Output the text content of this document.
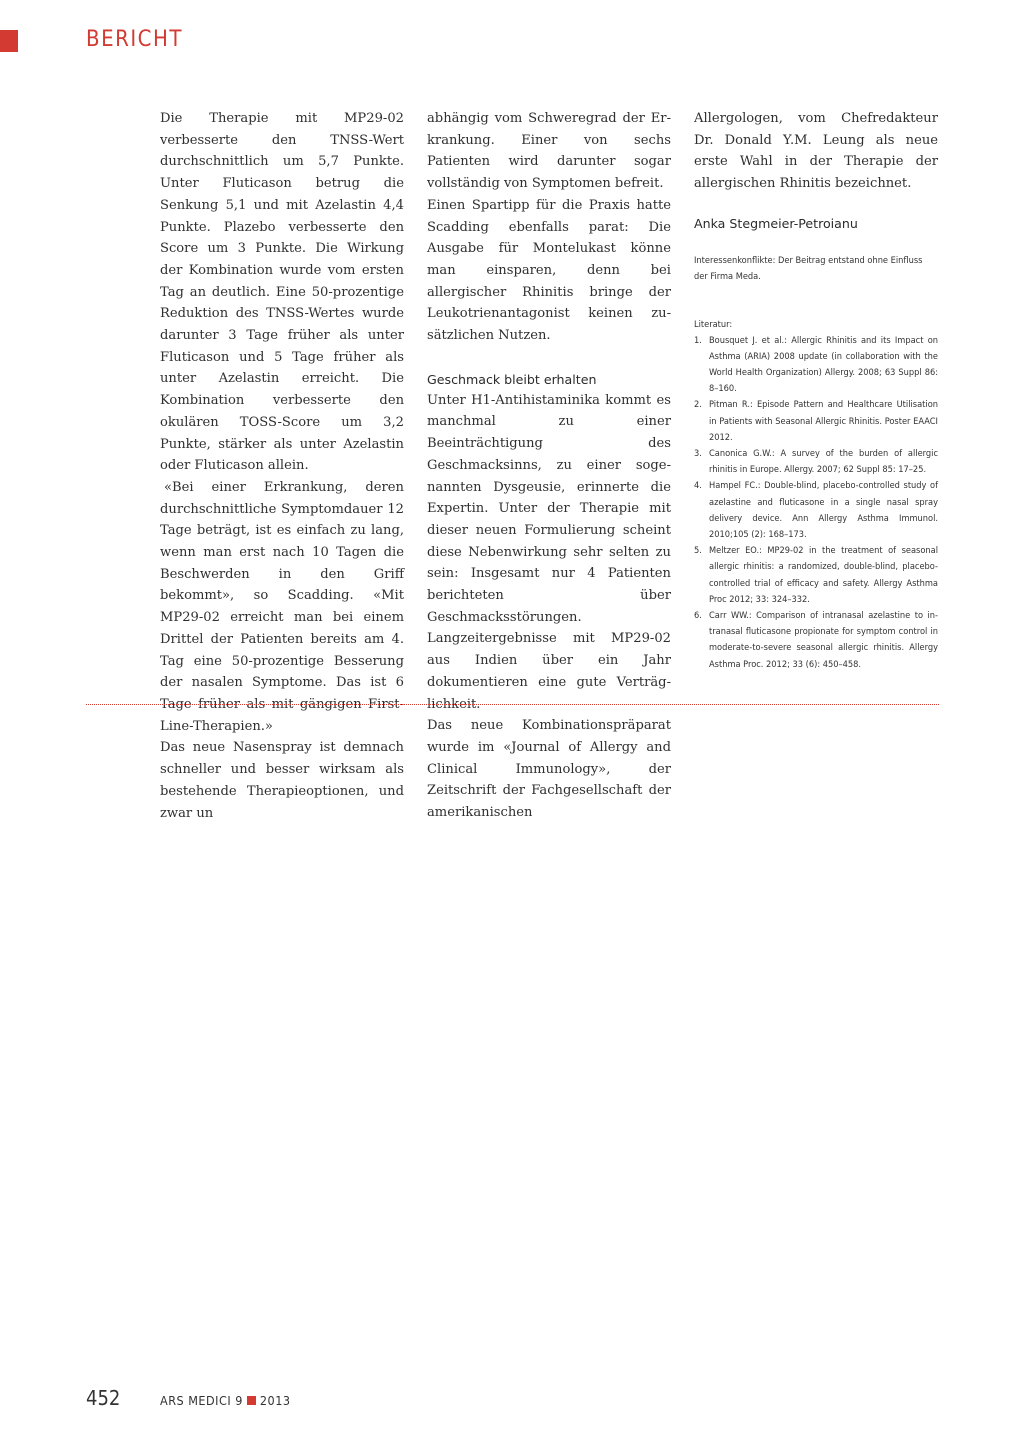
BERICHT

Die Therapie mit MP29-02 verbesserte den TNSS-Wert durchschnittlich um 5,7 Punkte. Unter Fluticason betrug die Senkung 5,1 und mit Azelastin 4,4 Punkte. Plazebo verbesserte den Score um 3 Punkte. Die Wirkung der Kombination wurde vom ersten Tag an deutlich. Eine 50-prozentige Reduktion des TNSS-Wertes wurde darunter 3 Tage früher als unter Fluticason und 5 Tage früher als unter Azelastin erreicht. Die Kombination verbesserte den okulären TOSS-Score um 3,2 Punkte, stärker als unter Azelastin oder Fluticason allein.

«Bei einer Erkrankung, deren durchschnittliche Symptomdauer 12 Tage beträgt, ist es einfach zu lang, wenn man erst nach 10 Tagen die Beschwerden in den Griff bekommt», so Scadding. «Mit MP29-02 erreicht man bei einem Drittel der Patienten bereits am 4. Tag eine 50-prozentige Besserung der nasalen Symptome. Das ist 6 Tage früher als mit gängigen First-Line-Therapien.»

Das neue Nasenspray ist demnach schneller und besser wirksam als bestehende Therapieoptionen, und zwar un

abhängig vom Schweregrad der Erkrankung. Einer von sechs Patienten wird darunter sogar vollständig von Symptomen befreit.

Einen Spartipp für die Praxis hatte Scadding ebenfalls parat: Die Ausgabe für Montelukast könne man einsparen, denn bei allergischer Rhinitis bringe der Leukotrienantagonist keinen zusätzlichen Nutzen.

Geschmack bleibt erhalten

Unter H1-Antihistaminika kommt es manchmal zu einer Beeinträchtigung des Geschmacksinns, zu einer sogenannten Dysgeusie, erinnerte die Expertin. Unter der Therapie mit dieser neuen Formulierung scheint diese Nebenwirkung sehr selten zu sein: Insgesamt nur 4 Patienten berichteten über Geschmacksstörungen. Langzeitergebnisse mit MP29-02 aus Indien über ein Jahr dokumentieren eine gute Verträglichkeit.

Das neue Kombinationspräparat wurde im «Journal of Allergy and Clinical Immunology», der Zeitschrift der Fachgesellschaft der amerikanischen

Allergologen, vom Chefredakteur Dr. Donald Y.M. Leung als neue erste Wahl in der Therapie der allergischen Rhinitis bezeichnet.

Anka Stegmeier-Petroianu

Interessenkonflikte: Der Beitrag entstand ohne Einfluss der Firma Meda.

Literatur:

1. Bousquet J. et al.: Allergic Rhinitis and its Impact on Asthma (ARIA) 2008 update (in collaboration with the World Health Organization) Allergy. 2008; 63 Suppl 86: 8–160.
2. Pitman R.: Episode Pattern and Healthcare Utilisation in Patients with Seasonal Allergic Rhinitis. Poster EAACI 2012.
3. Canonica G.W.: A survey of the burden of allergic rhinitis in Europe. Allergy. 2007; 62 Suppl 85: 17–25.
4. Hampel FC.: Double-blind, placebo-controlled study of azelastine and fluticasone in a single nasal spray delivery device. Ann Allergy Asthma Immunol. 2010;105 (2): 168–173.
5. Meltzer EO.: MP29-02 in the treatment of seasonal allergic rhinitis: a randomized, double-blind, placebo-controlled trial of efficacy and safety. Allergy Asthma Proc 2012; 33: 324–332.
6. Carr WW.: Comparison of intranasal azelastine to intranasal fluticasone propionate for symptom control in moderate-to-severe seasonal allergic rhinitis. Allergy Asthma Proc. 2012; 33 (6): 450–458.
452	ARS MEDICI 9 2013
